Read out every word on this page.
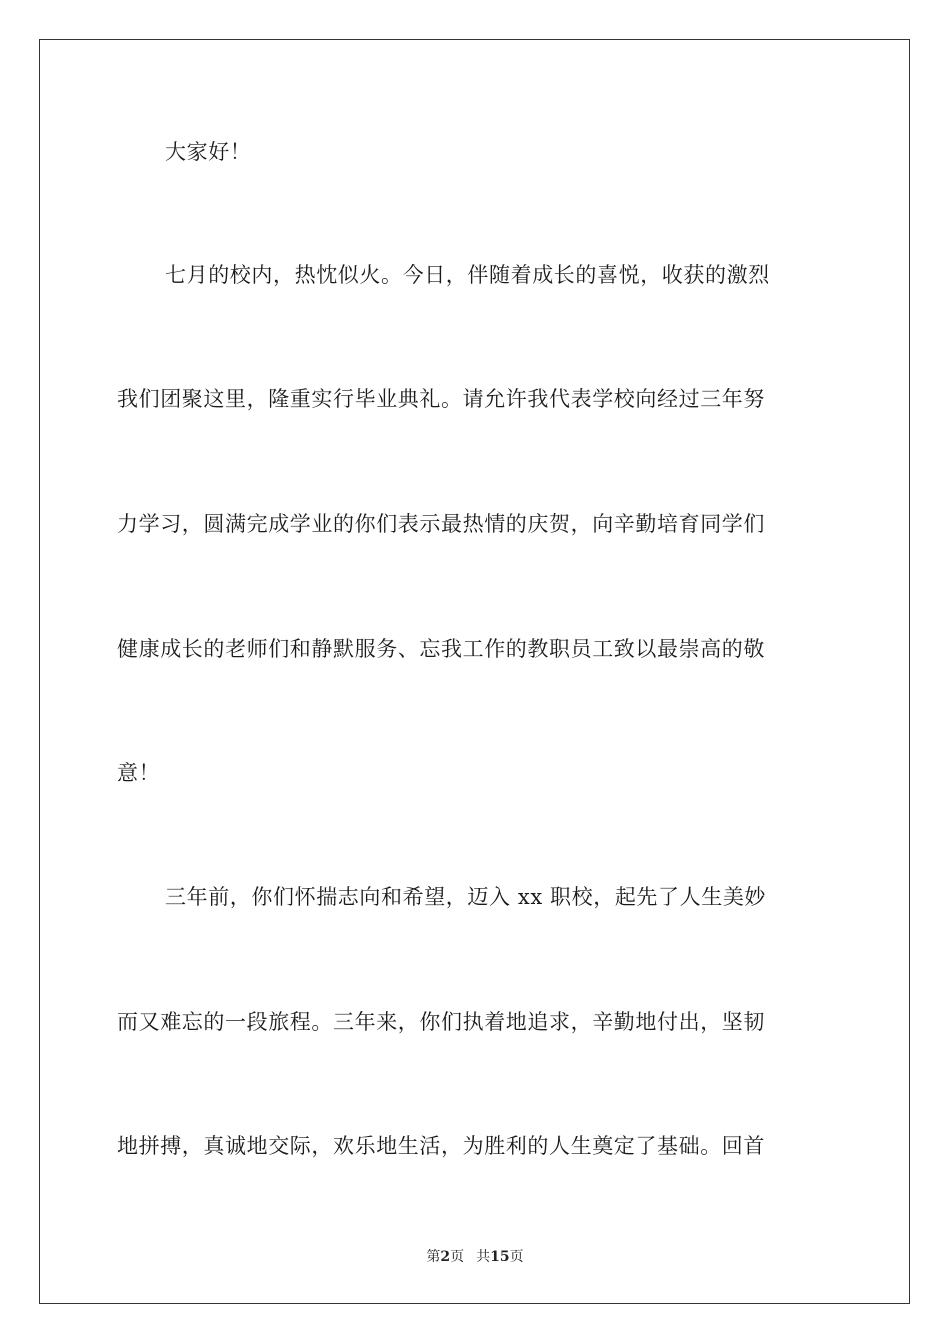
大家好！
七月的校内，热忱似火。今日，伴随着成长的喜悦，收获的激烈
我们团聚这里，隆重实行毕业典礼。请允许我代表学校向经过三年努
力学习，圆满完成学业的你们表示最热情的庆贺，向辛勤培育同学们
健康成长的老师们和静默服务、忘我工作的教职员工致以最崇高的敬
意！
三年前，你们怀揣志向和希望，迈入 xx 职校，起先了人生美妙
而又难忘的一段旅程。三年来，你们执着地追求，辛勤地付出，坚韧
地拼搏，真诚地交际，欢乐地生活，为胜利的人生奠定了基础。回首
第2页 共15页
